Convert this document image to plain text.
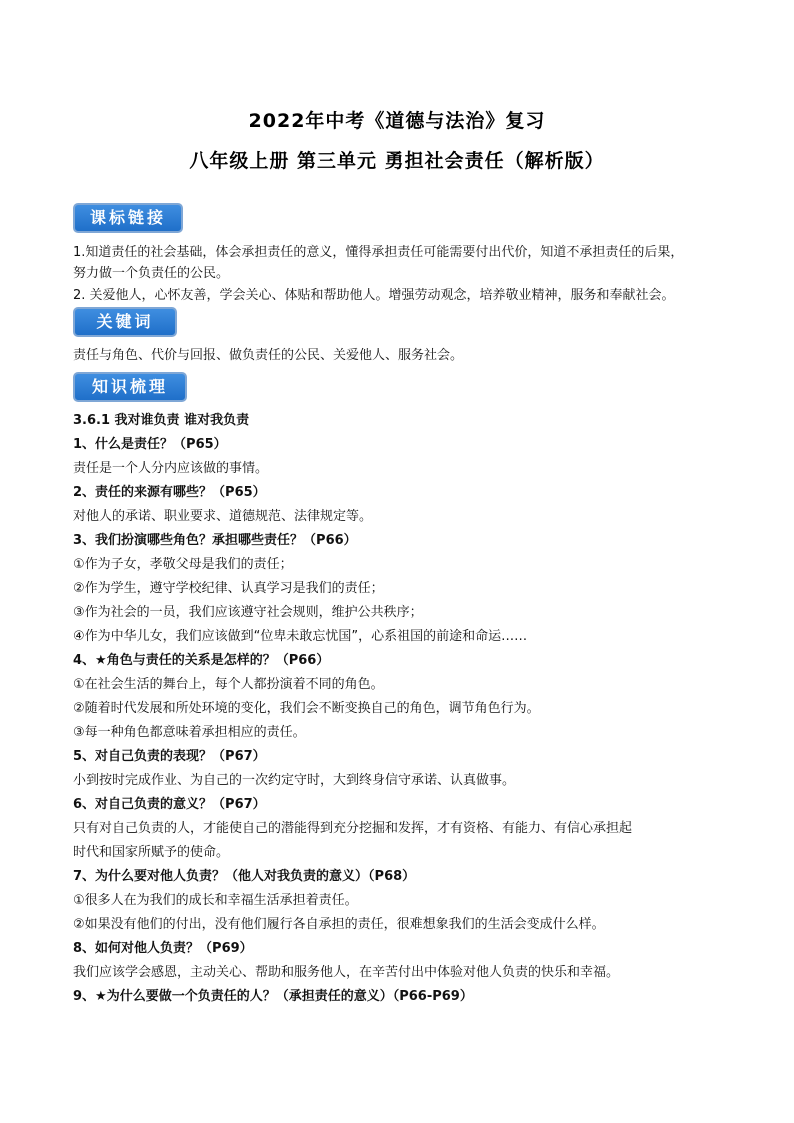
2022年中考《道德与法治》复习
八年级上册 第三单元 勇担社会责任（解析版）
课标链接
1.知道责任的社会基础，体会承担责任的意义，懂得承担责任可能需要付出代价，知道不承担责任的后果，
努力做一个负责任的公民。
2. 关爱他人，心怀友善，学会关心、体贴和帮助他人。增强劳动观念，培养敬业精神，服务和奉献社会。
关键词
责任与角色、代价与回报、做负责任的公民、关爱他人、服务社会。
知识梳理
3.6.1 我对谁负责 谁对我负责
1、什么是责任？（P65）
责任是一个人分内应该做的事情。
2、责任的来源有哪些？（P65）
对他人的承诺、职业要求、道德规范、法律规定等。
3、我们扮演哪些角色？承担哪些责任？（P66）
①作为子女，孝敬父母是我们的责任；
②作为学生，遵守学校纪律、认真学习是我们的责任；
③作为社会的一员，我们应该遵守社会规则，维护公共秩序；
④作为中华儿女，我们应该做到“位卑未敢忘忧国”，心系祖国的前途和命运……
4、★角色与责任的关系是怎样的？（P66）
①在社会生活的舞台上，每个人都扮演着不同的角色。
②随着时代发展和所处环境的变化，我们会不断变换自己的角色，调节角色行为。
③每一种角色都意味着承担相应的责任。
5、对自己负责的表现？（P67）
小到按时完成作业、为自己的一次约定守时，大到终身信守承诺、认真做事。
6、对自己负责的意义？（P67）
只有对自己负责的人，才能使自己的潜能得到充分挖掘和发挥，才有资格、有能力、有信心承担起
时代和国家所赋予的使命。
7、为什么要对他人负责？（他人对我负责的意义）（P68）
①很多人在为我们的成长和幸福生活承担着责任。
②如果没有他们的付出，没有他们履行各自承担的责任，很难想象我们的生活会变成什么样。
8、如何对他人负责？（P69）
我们应该学会感恩，主动关心、帮助和服务他人，在辛苦付出中体验对他人负责的快乐和幸福。
9、★为什么要做一个负责任的人？（承担责任的意义）（P66-P69）
